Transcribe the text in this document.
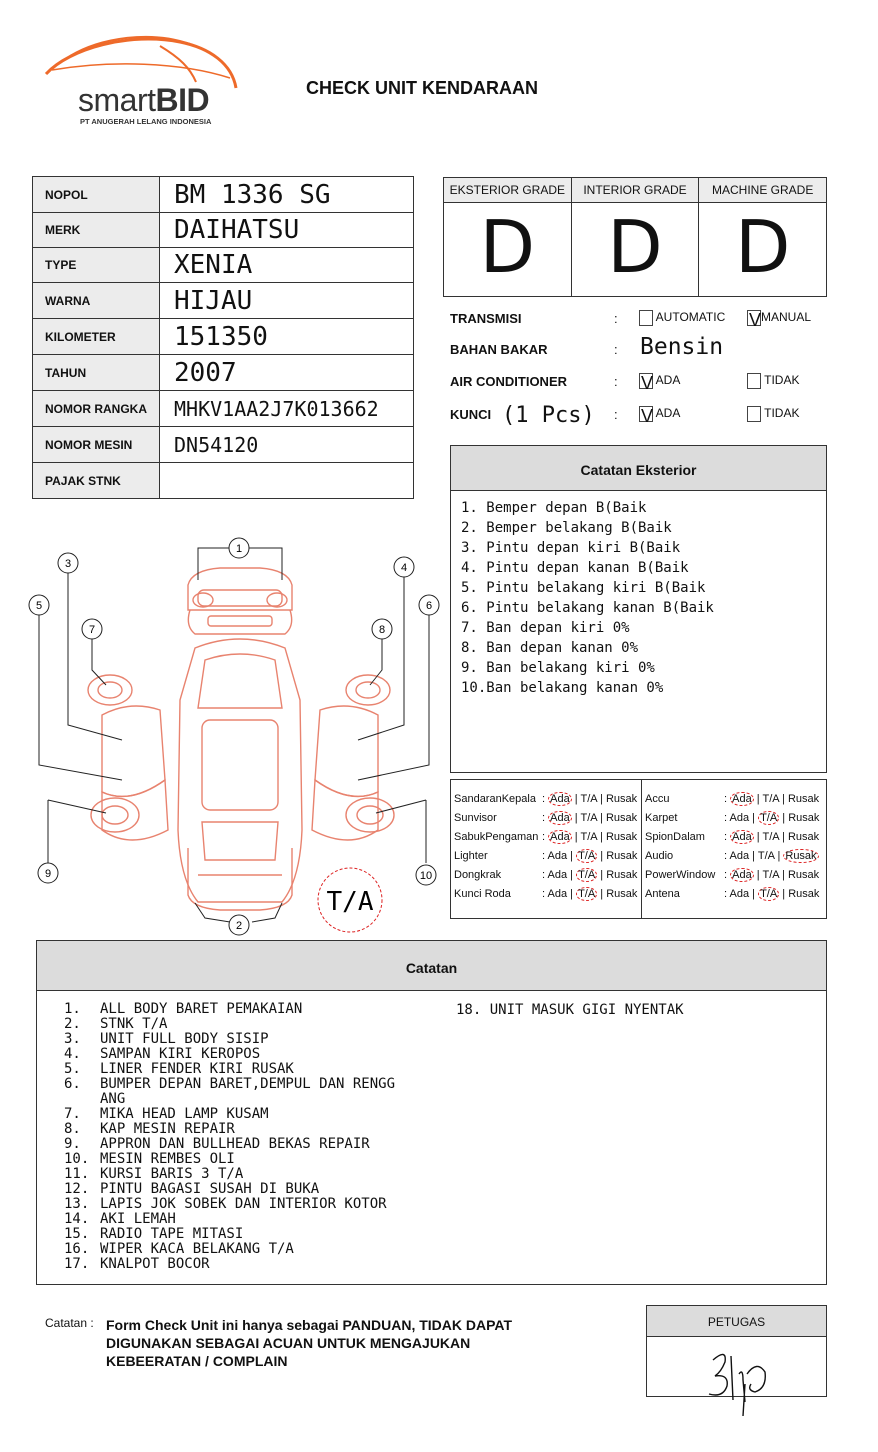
smartBID
PT ANUGERAH LELANG INDONESIA
CHECK UNIT KENDARAAN
NOPOL	BM 1336 SG
MERK	DAIHATSU
TYPE	XENIA
WARNA	HIJAU
KILOMETER	151350
TAHUN	2007
NOMOR RANGKA	MHKV1AA2J7K013662
NOMOR MESIN	DN54120
PAJAK STNK	
EKSTERIOR GRADE
D
INTERIOR GRADE
D
MACHINE GRADE
D
TRANSMISI	:	AUTOMATIC V MANUAL
BAHAN BAKAR	: Bensin
AIR CONDITIONER	: V ADA	TIDAK
KUNCI (1 Pcs) : V ADA	TIDAK
Catatan Eksterior
1. Bemper depan B(Baik
2. Bemper belakang B(Baik
3. Pintu depan kiri B(Baik
4. Pintu depan kanan B(Baik
5. Pintu belakang kiri B(Baik
6. Pintu belakang kanan B(Baik
7. Ban depan kiri 0%
8. Ban depan kanan 0%
9. Ban belakang kiri 0%
10.Ban belakang kanan 0%
1
2
3	4
5	6
7	8
9	10
T/A
SandaranKepala : Ada | T/A | Rusak
Sunvisor	: Ada | T/A | Rusak
SabukPengaman : Ada | T/A | Rusak
Lighter	: Ada | T/A | Rusak
Dongkrak	: Ada | T/A | Rusak
Kunci Roda	: Ada | T/A | Rusak
Accu	: Ada | T/A | Rusak
Karpet	: Ada | T/A | Rusak
SpionDalam : Ada | T/A | Rusak
Audio	: Ada | T/A | Rusak
PowerWindow : Ada | T/A | Rusak
Antena	: Ada | T/A | Rusak
Catatan
1. ALL BODY BARET PEMAKAIAN
2. STNK T/A
3. UNIT FULL BODY SISIP
4. SAMPAN KIRI KEROPOS
5. LINER FENDER KIRI RUSAK
6. BUMPER DEPAN BARET,DEMPUL DAN RENGG ANG
7. MIKA HEAD LAMP KUSAM
8. KAP MESIN REPAIR
9. APPRON DAN BULLHEAD BEKAS REPAIR
10. MESIN REMBES OLI
11. KURSI BARIS 3 T/A
12. PINTU BAGASI SUSAH DI BUKA
13. LAPIS JOK SOBEK DAN INTERIOR KOTOR
14. AKI LEMAH
15. RADIO TAPE MITASI
16. WIPER KACA BELAKANG T/A
17. KNALPOT BOCOR
18. UNIT MASUK GIGI NYENTAK
Catatan : Form Check Unit ini hanya sebagai PANDUAN, TIDAK DAPAT
DIGUNAKAN SEBAGAI ACUAN UNTUK MENGAJUKAN
KEBEERATAN / COMPLAIN
PETUGAS
